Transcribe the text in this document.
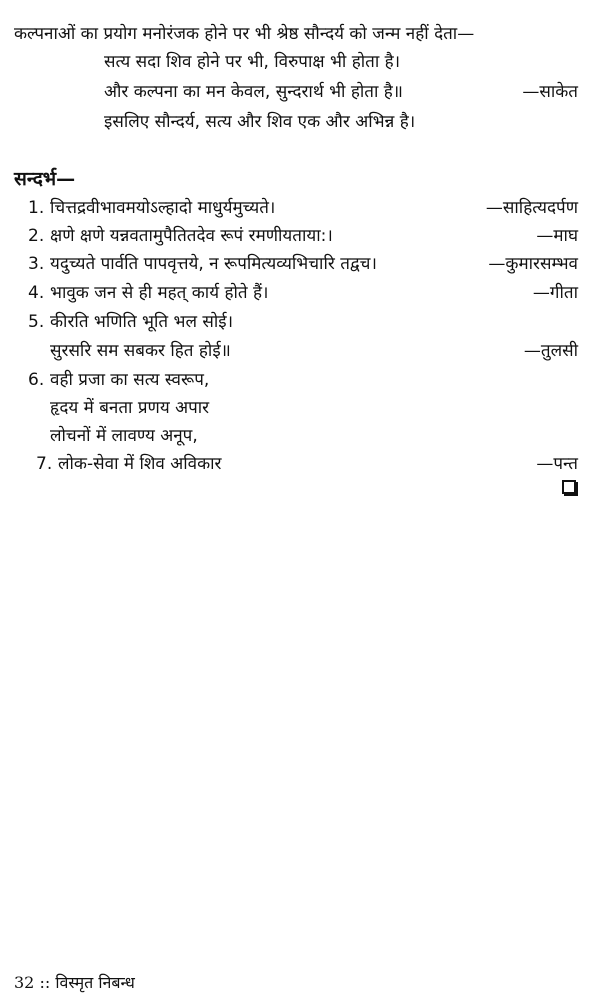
कल्पनाओं का प्रयोग मनोरंजक होने पर भी श्रेष्ठ सौन्दर्य को जन्म नहीं देता—
सत्य सदा शिव होने पर भी, विरुपाक्ष भी होता है।
और कल्पना का मन केवल, सुन्दरार्थ भी होता है॥	—साकेत
इसलिए सौन्दर्य, सत्य और शिव एक और अभिन्न है।
सन्दर्भ—
1. चित्तद्रवीभावमयोऽल्हादो माधुर्यमुच्यते।	—साहित्यदर्पण
2. क्षणे क्षणे यन्नवतामुपैतितदेव रूपं रमणीयताया:।	—माघ
3. यदुच्यते पार्वति पापवृत्तये, न रूपमित्यव्यभिचारि तद्वच।	—कुमारसम्भव
4. भावुक जन से ही महत् कार्य होते हैं।	—गीता
5. कीरति भणिति भूति भल सोई।
सुरसरि सम सबकर हित होई॥	—तुलसी
6. वही प्रजा का सत्य स्वरूप,
हृदय में बनता प्रणय अपार
लोचनों में लावण्य अनूप,
7. लोक-सेवा में शिव अविकार	—पन्त
32 :: विस्मृत निबन्ध
